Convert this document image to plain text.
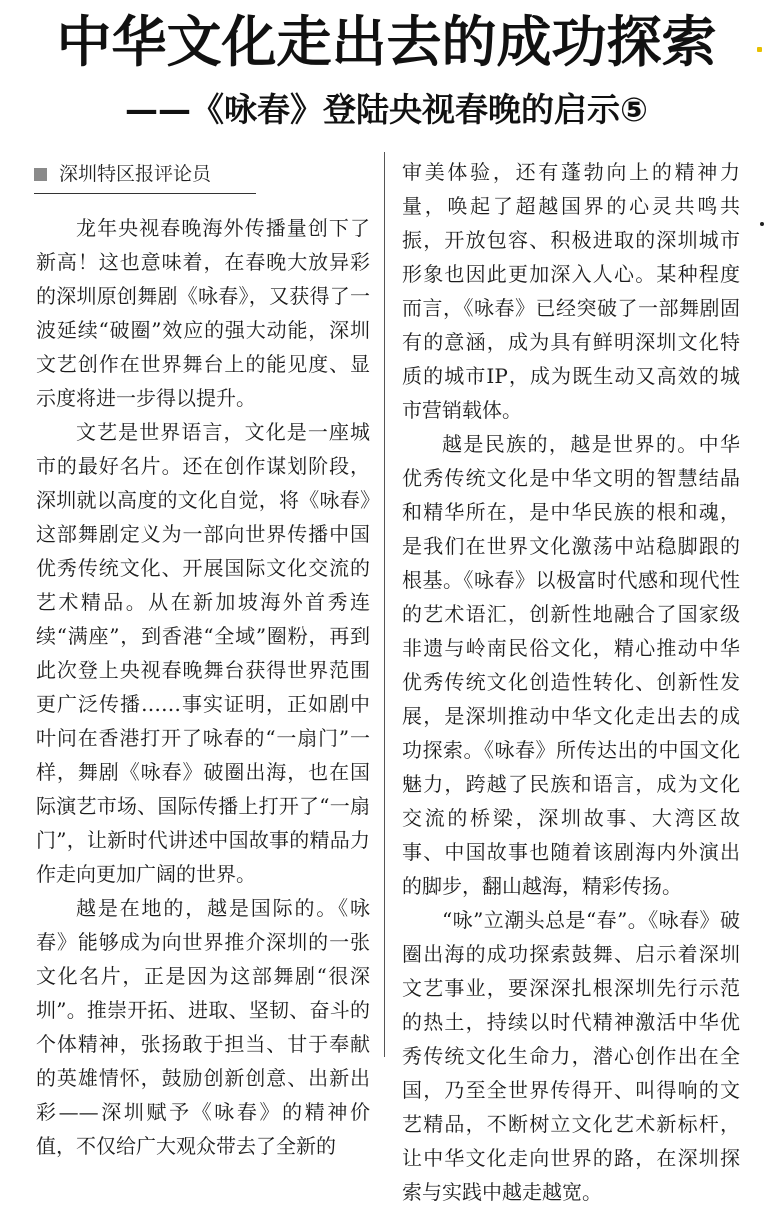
中华文化走出去的成功探索
——《咏春》登陆央视春晚的启示⑤
深圳特区报评论员

龙年央视春晚海外传播量创下了新高！这也意味着，在春晚大放异彩的深圳原创舞剧《咏春》，又获得了一波延续“破圈”效应的强大动能，深圳文艺创作在世界舞台上的能见度、显示度将进一步得以提升。

文艺是世界语言，文化是一座城市的最好名片。还在创作谋划阶段，深圳就以高度的文化自觉，将《咏春》这部舞剧定义为一部向世界传播中国优秀传统文化、开展国际文化交流的艺术精品。从在新加坡海外首秀连续“满座”，到香港“全域”圈粉，再到此次登上央视春晚舞台获得世界范围更广泛传播……事实证明，正如剧中叶问在香港打开了咏春的“一扇门”一样，舞剧《咏春》破圈出海，也在国际演艺市场、国际传播上打开了“一扇门”，让新时代讲述中国故事的精品力作走向更加广阔的世界。

越是在地的，越是国际的。《咏春》能够成为向世界推介深圳的一张文化名片，正是因为这部舞剧“很深圳”。推崇开拓、进取、坚韧、奋斗的个体精神，张扬敢于担当、甘于奉献的英雄情怀，鼓励创新创意、出新出彩——深圳赋予《咏春》的精神价值，不仅给广大观众带去了全新的

审美体验，还有蓬勃向上的精神力量，唤起了超越国界的心灵共鸣共振，开放包容、积极进取的深圳城市形象也因此更加深入人心。某种程度而言，《咏春》已经突破了一部舞剧固有的意涵，成为具有鲜明深圳文化特质的城市IP，成为既生动又高效的城市营销载体。

越是民族的，越是世界的。中华优秀传统文化是中华文明的智慧结晶和精华所在，是中华民族的根和魂，是我们在世界文化激荡中站稳脚跟的根基。《咏春》以极富时代感和现代性的艺术语汇，创新性地融合了国家级非遗与岭南民俗文化，精心推动中华优秀传统文化创造性转化、创新性发展，是深圳推动中华文化走出去的成功探索。《咏春》所传达出的中国文化魅力，跨越了民族和语言，成为文化交流的桥梁，深圳故事、大湾区故事、中国故事也随着该剧海内外演出的脚步，翻山越海，精彩传扬。

“咏”立潮头总是“春”。《咏春》破圈出海的成功探索鼓舞、启示着深圳文艺事业，要深深扎根深圳先行示范的热土，持续以时代精神激活中华优秀传统文化生命力，潜心创作出在全国，乃至全世界传得开、叫得响的文艺精品，不断树立文化艺术新标杆，让中华文化走向世界的路，在深圳探索与实践中越走越宽。
